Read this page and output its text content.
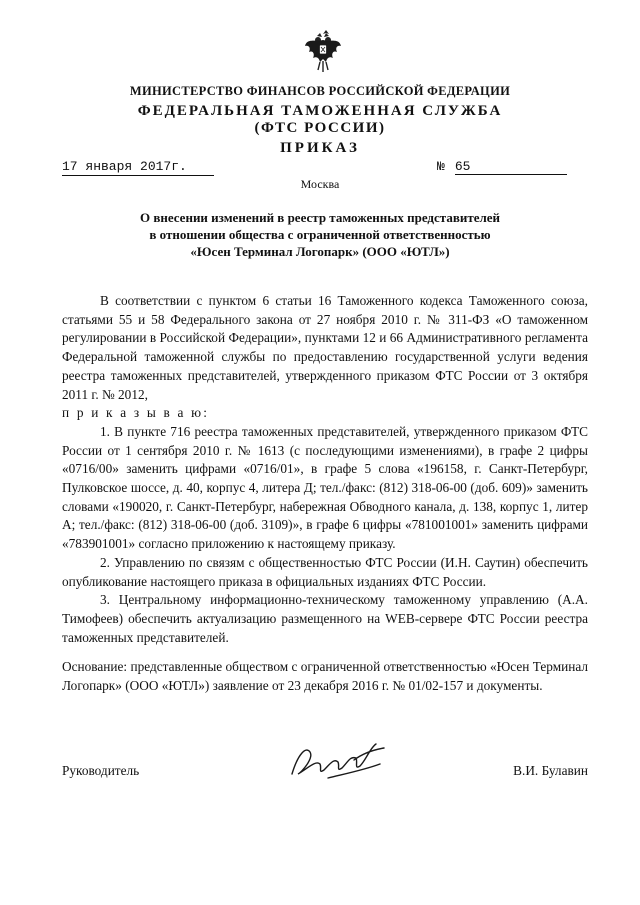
МИНИСТЕРСТВО ФИНАНСОВ РОССИЙСКОЙ ФЕДЕРАЦИИ
ФЕДЕРАЛЬНАЯ ТАМОЖЕННАЯ СЛУЖБА
(ФТС РОССИИ)
ПРИКАЗ
17 января 2017г.	№ 65
Москва
О внесении изменений в реестр таможенных представителей
в отношении общества с ограниченной ответственностью
«Юсен Терминал Логопарк» (ООО «ЮТЛ»)

В соответствии с пунктом 6 статьи 16 Таможенного кодекса Таможенного союза, статьями 55 и 58 Федерального закона от 27 ноября 2010 г. № 311-ФЗ «О таможенном регулировании в Российской Федерации», пунктами 12 и 66 Административного регламента Федеральной таможенной службы по предоставлению государственной услуги ведения реестра таможенных представителей, утвержденного приказом ФТС России от 3 октября 2011 г. № 2012,

п р и к а з ы в а ю:

1. В пункте 716 реестра таможенных представителей, утвержденного приказом ФТС России от 1 сентября 2010 г. № 1613 (с последующими изменениями), в графе 2 цифры «0716/00» заменить цифрами «0716/01», в графе 5 слова «196158, г. Санкт-Петербург, Пулковское шоссе, д. 40, корпус 4, литера Д; тел./факс: (812) 318-06-00 (доб. 609)» заменить словами «190020, г. Санкт-Петербург, набережная Обводного канала, д. 138, корпус 1, литер А; тел./факс: (812) 318-06-00 (доб. 3109)», в графе 6 цифры «781001001» заменить цифрами «783901001» согласно приложению к настоящему приказу.

2. Управлению по связям с общественностью ФТС России (И.Н. Саутин) обеспечить опубликование настоящего приказа в официальных изданиях ФТС России.

3. Центральному информационно-техническому таможенному управлению (А.А. Тимофеев) обеспечить актуализацию размещенного на WEB-сервере ФТС России реестра таможенных представителей.

Основание: представленные обществом с ограниченной ответственностью «Юсен Терминал Логопарк» (ООО «ЮТЛ») заявление от 23 декабря 2016 г. № 01/02-157 и документы.

Руководитель	В.И. Булавин
